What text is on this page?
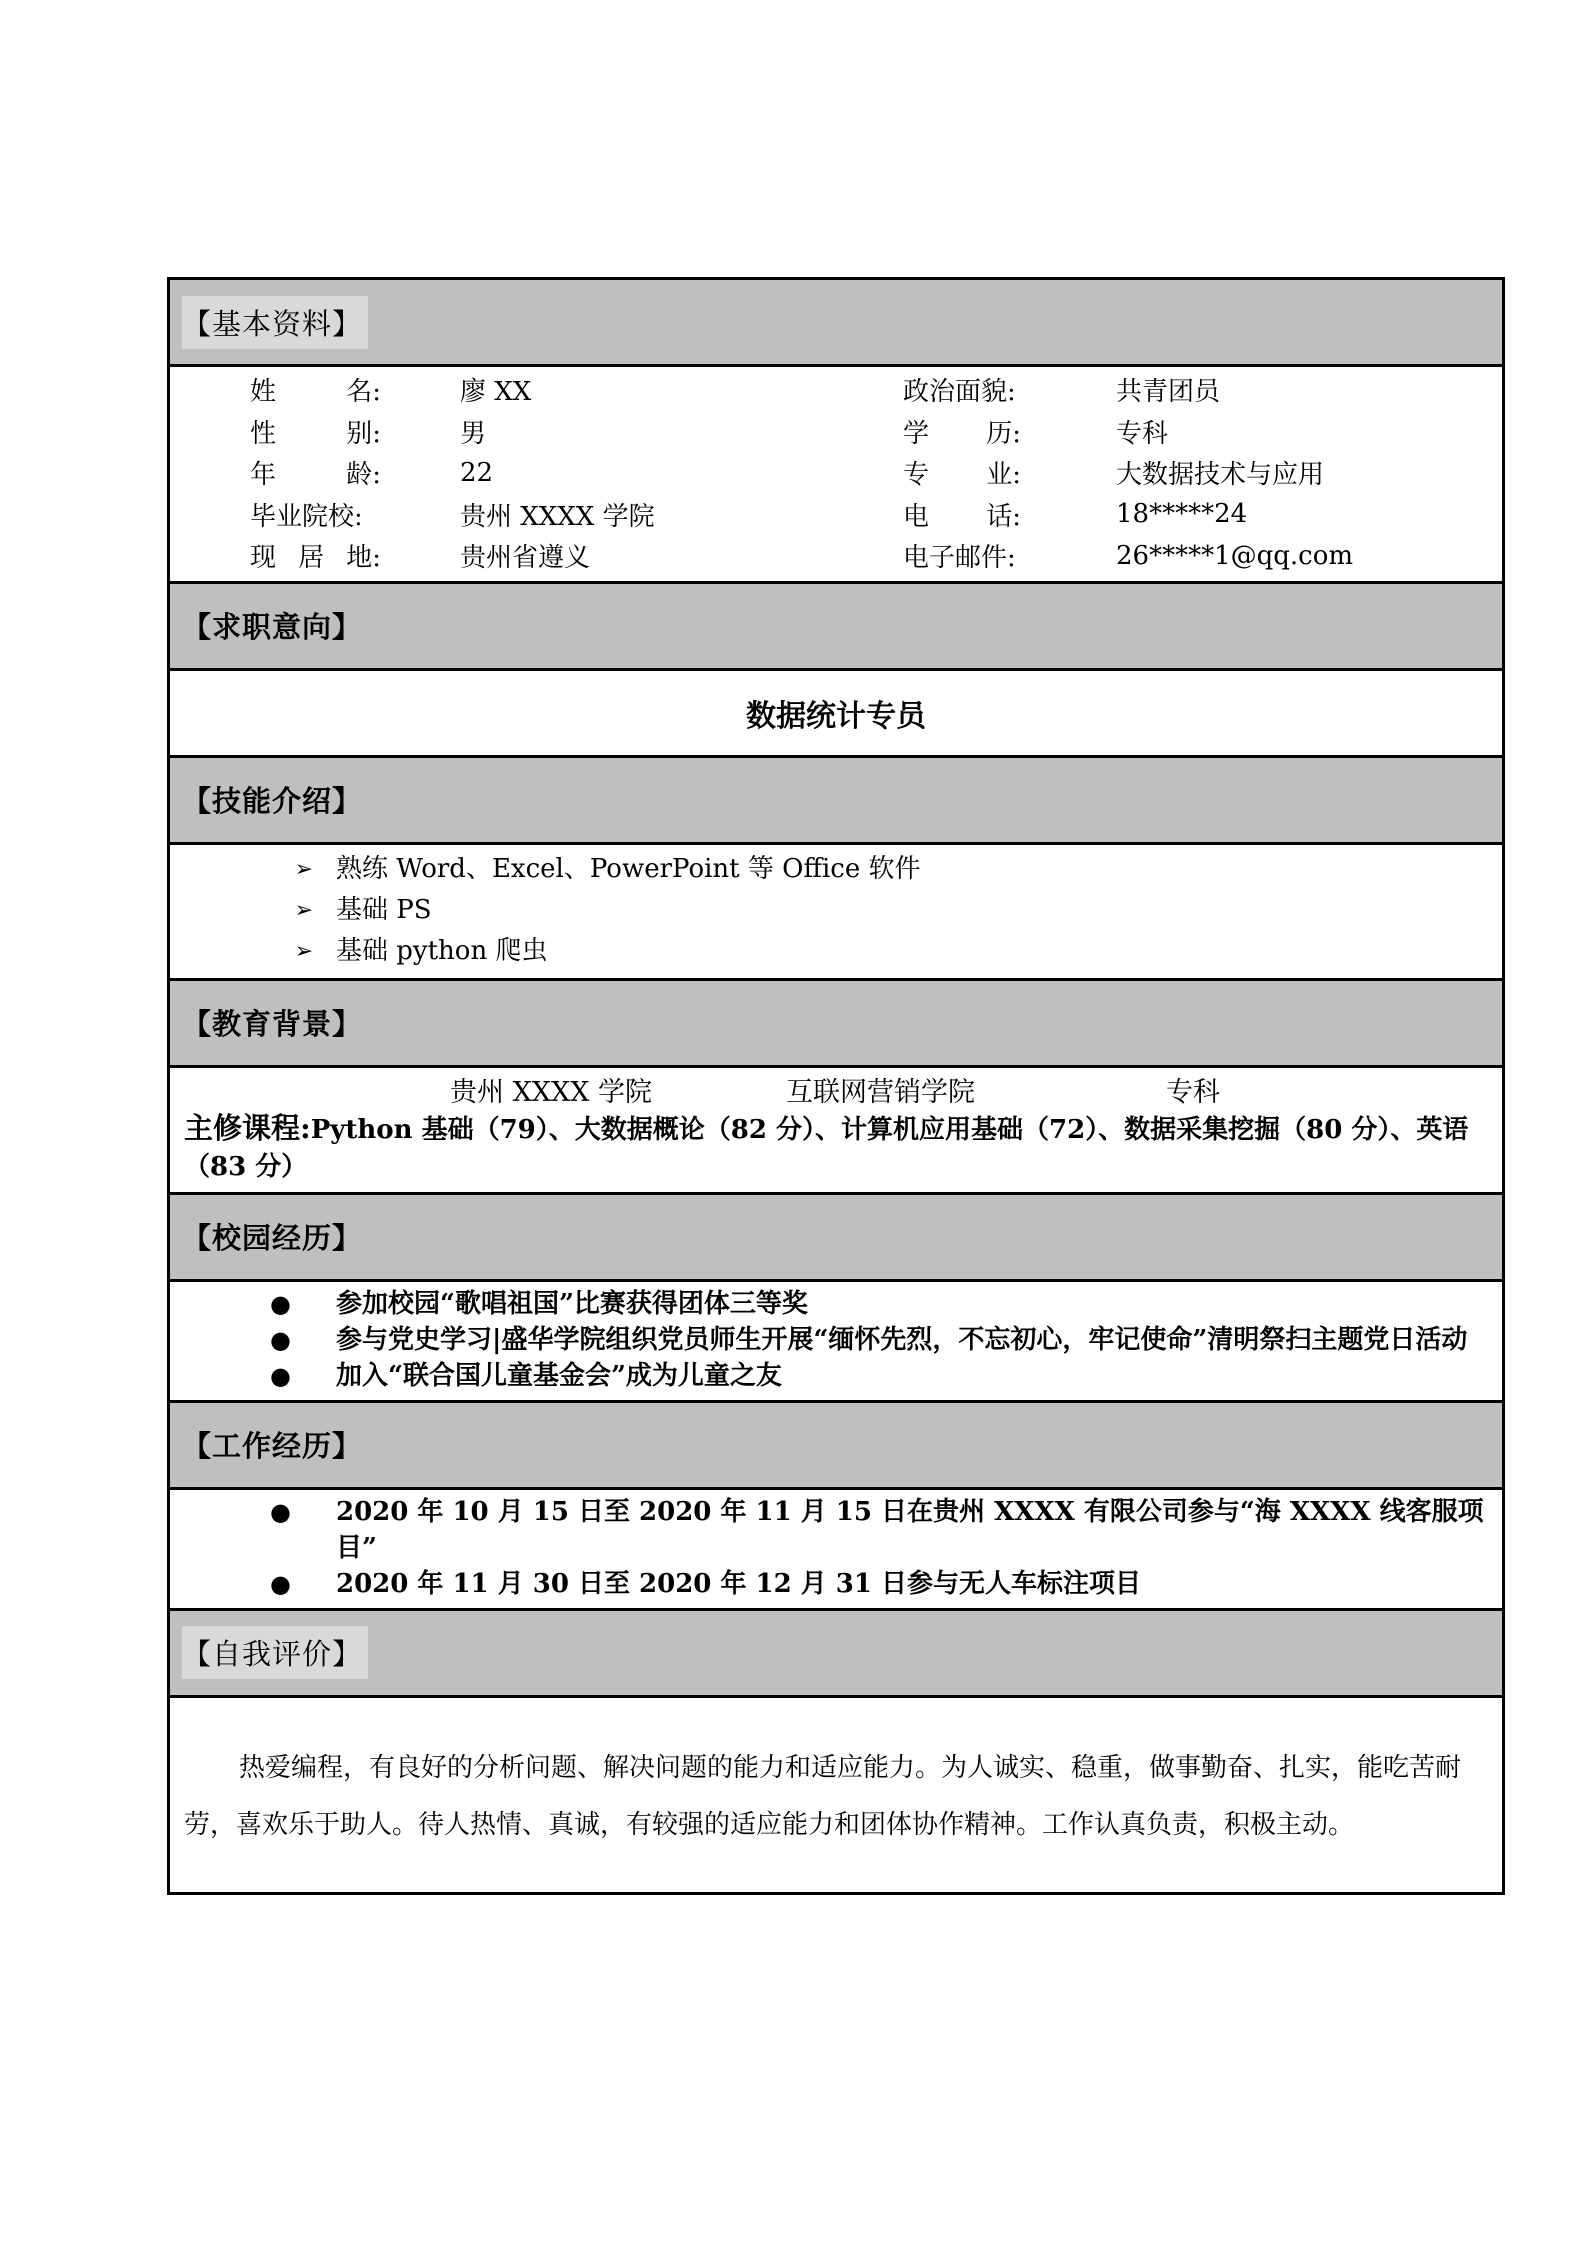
【基本资料】
姓	名:	廖 XX	政治面貌:	共青团员
性	别:	男	学 历:	专科
年	龄:	22	专 业:	大数据技术与应用
毕业院校:	贵州 XXXX 学院	电 话:	18*****24
现 居 地:	贵州省遵义	电子邮件:	26*****1@qq.com
【求职意向】
数据统计专员
【技能介绍】
➢ 熟练 Word、Excel、PowerPoint 等 Office 软件
➢ 基础 PS
➢ 基础 python 爬虫
【教育背景】
贵州 XXXX 学院	互联网营销学院	专科
主修课程:Python 基础（79）、大数据概论（82 分）、计算机应用基础（72）、数据采集挖掘（80 分）、英语（83 分）
【校园经历】
●	参加校园“歌唱祖国”比赛获得团体三等奖
●	参与党史学习|盛华学院组织党员师生开展“缅怀先烈，不忘初心，牢记使命”清明祭扫主题党日活动
●	加入“联合国儿童基金会”成为儿童之友
【工作经历】
●	2020 年 10 月 15 日至 2020 年 11 月 15 日在贵州 XXXX 有限公司参与“海 XXXX 线客服项目”
●	2020 年 11 月 30 日至 2020 年 12 月 31 日参与无人车标注项目
【自我评价】
热爱编程，有良好的分析问题、解决问题的能力和适应能力。为人诚实、稳重，做事勤奋、扎实，能吃苦耐劳，喜欢乐于助人。待人热情、真诚，有较强的适应能力和团体协作精神。工作认真负责，积极主动。
